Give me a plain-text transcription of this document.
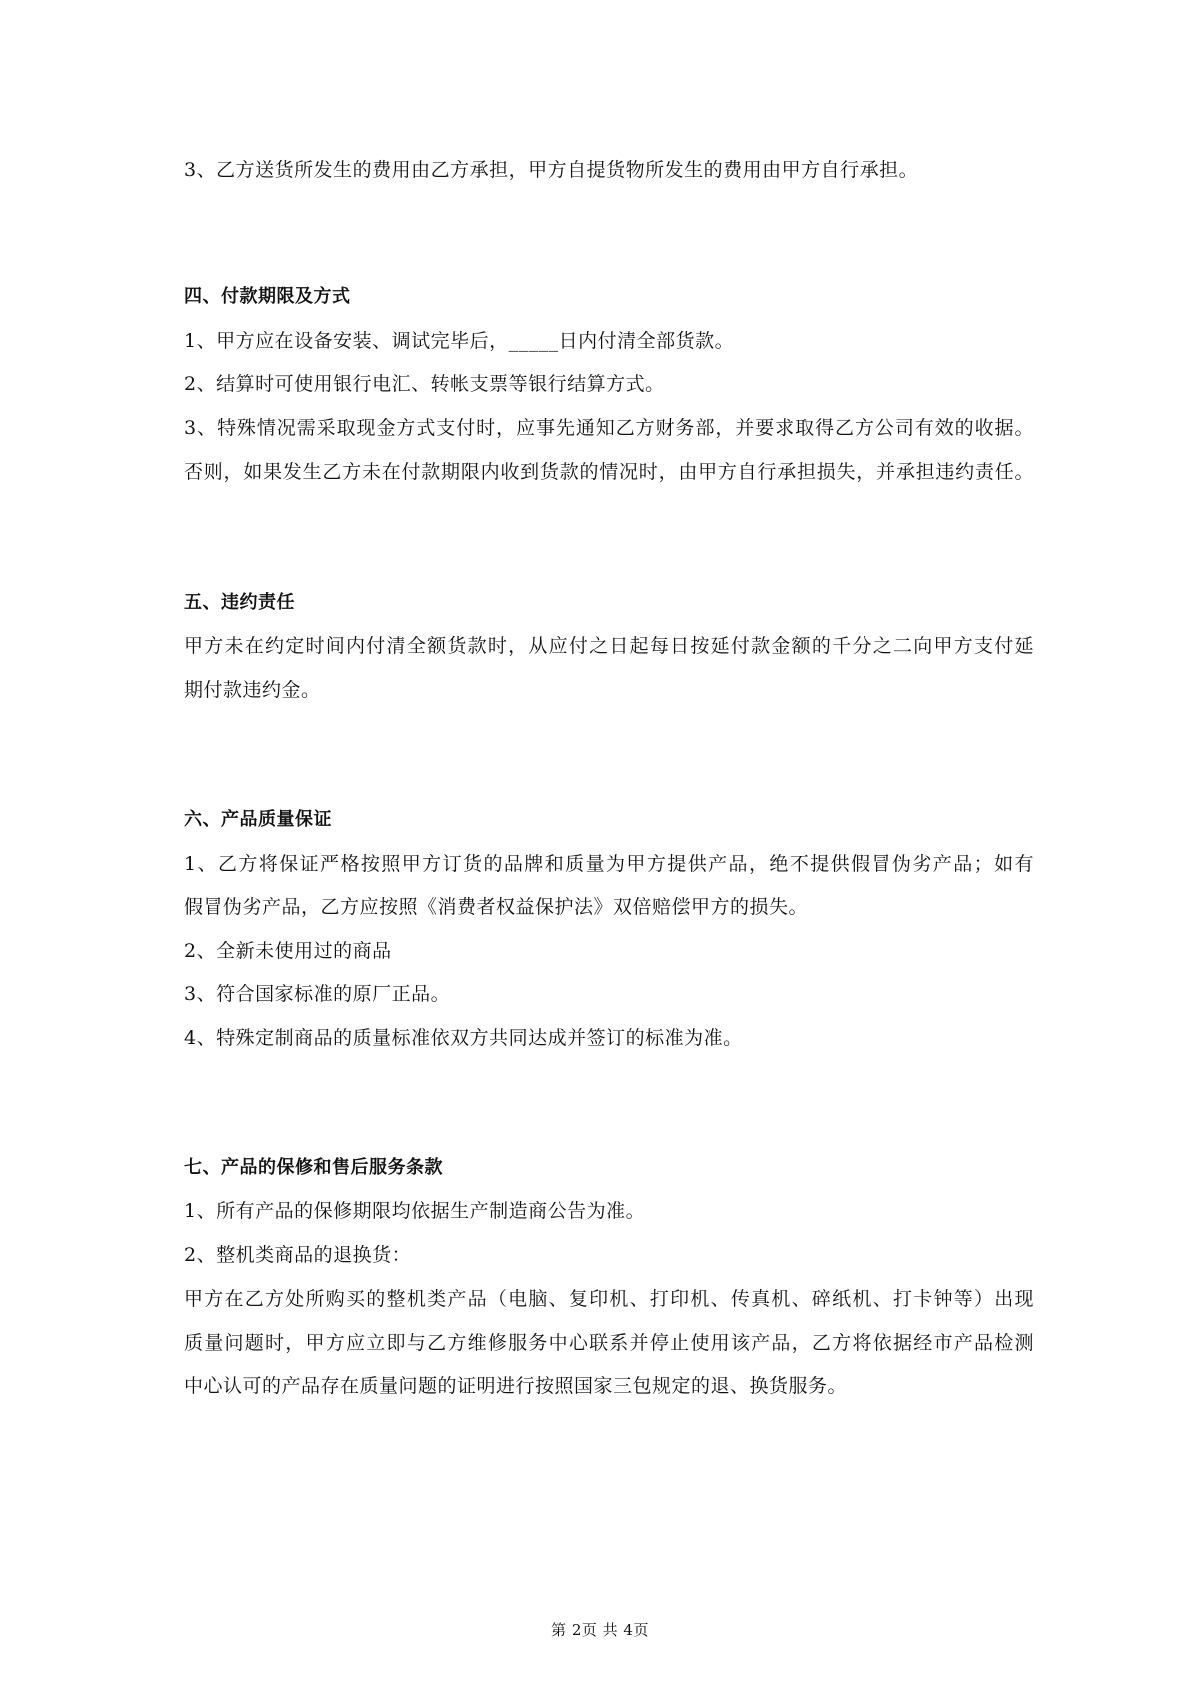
3、乙方送货所发生的费用由乙方承担，甲方自提货物所发生的费用由甲方自行承担。
四、付款期限及方式
1、甲方应在设备安装、调试完毕后，_____日内付清全部货款。
2、结算时可使用银行电汇、转帐支票等银行结算方式。
3、特殊情况需采取现金方式支付时，应事先通知乙方财务部，并要求取得乙方公司有效的收据。
否则，如果发生乙方未在付款期限内收到货款的情况时，由甲方自行承担损失，并承担违约责任。
五、违约责任
甲方未在约定时间内付清全额货款时，从应付之日起每日按延付款金额的千分之二向甲方支付延
期付款违约金。
六、产品质量保证
1、乙方将保证严格按照甲方订货的品牌和质量为甲方提供产品，绝不提供假冒伪劣产品；如有
假冒伪劣产品，乙方应按照《消费者权益保护法》双倍赔偿甲方的损失。
2、全新未使用过的商品
3、符合国家标准的原厂正品。
4、特殊定制商品的质量标准依双方共同达成并签订的标准为准。
七、产品的保修和售后服务条款
1、所有产品的保修期限均依据生产制造商公告为准。
2、整机类商品的退换货：
甲方在乙方处所购买的整机类产品（电脑、复印机、打印机、传真机、碎纸机、打卡钟等）出现
质量问题时，甲方应立即与乙方维修服务中心联系并停止使用该产品，乙方将依据经市产品检测
中心认可的产品存在质量问题的证明进行按照国家三包规定的退、换货服务。
第 2页 共 4页
